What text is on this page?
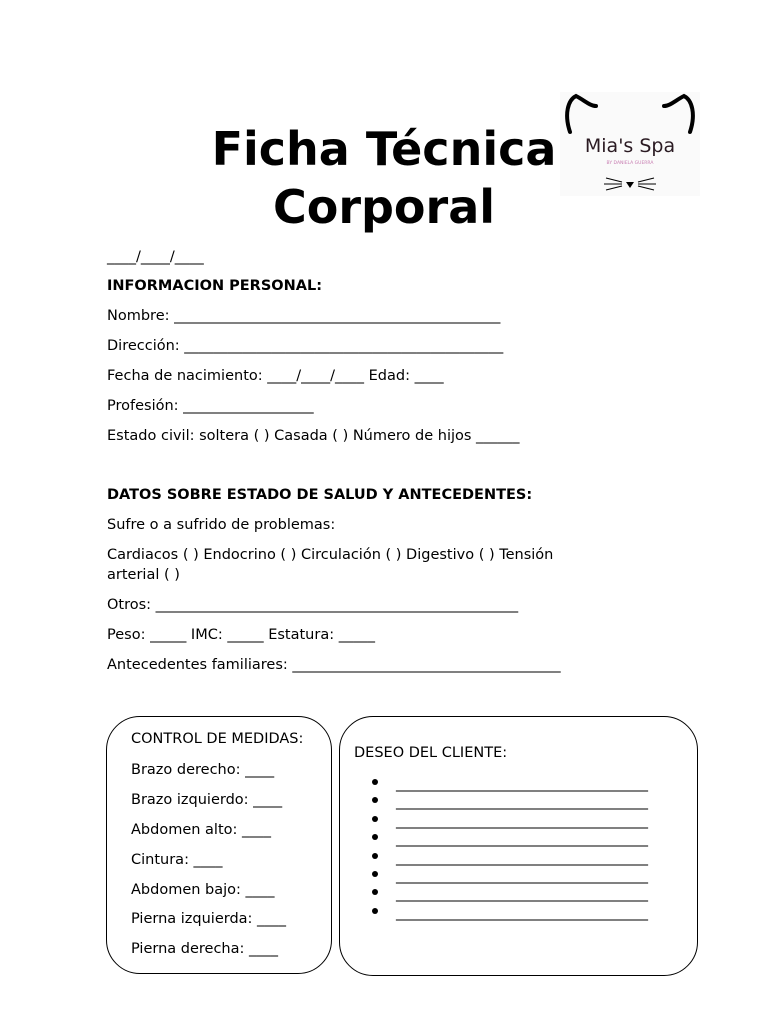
Ficha Técnica
Corporal
Mia's Spa
BY DANIELA GUERRA
____/____/____
INFORMACION PERSONAL:
Nombre: _____________________________________________
Dirección: ____________________________________________
Fecha de nacimiento: ____/____/____ Edad: ____
Profesión: __________________
Estado civil: soltera ( ) Casada ( ) Número de hijos ______
DATOS SOBRE ESTADO DE SALUD Y ANTECEDENTES:
Sufre o a sufrido de problemas:
Cardiacos ( ) Endocrino ( ) Circulación ( ) Digestivo ( ) Tensión
arterial ( )
Otros: __________________________________________________
Peso: _____ IMC: _____ Estatura: _____
Antecedentes familiares: _____________________________________
CONTROL DE MEDIDAS:
Brazo derecho: ____
Brazo izquierdo: ____
Abdomen alto: ____
Cintura: ____
Abdomen bajo: ____
Pierna izquierda: ____
Pierna derecha: ____
DESEO DEL CLIENTE:
____________________________________
____________________________________
____________________________________
____________________________________
____________________________________
____________________________________
____________________________________
____________________________________
